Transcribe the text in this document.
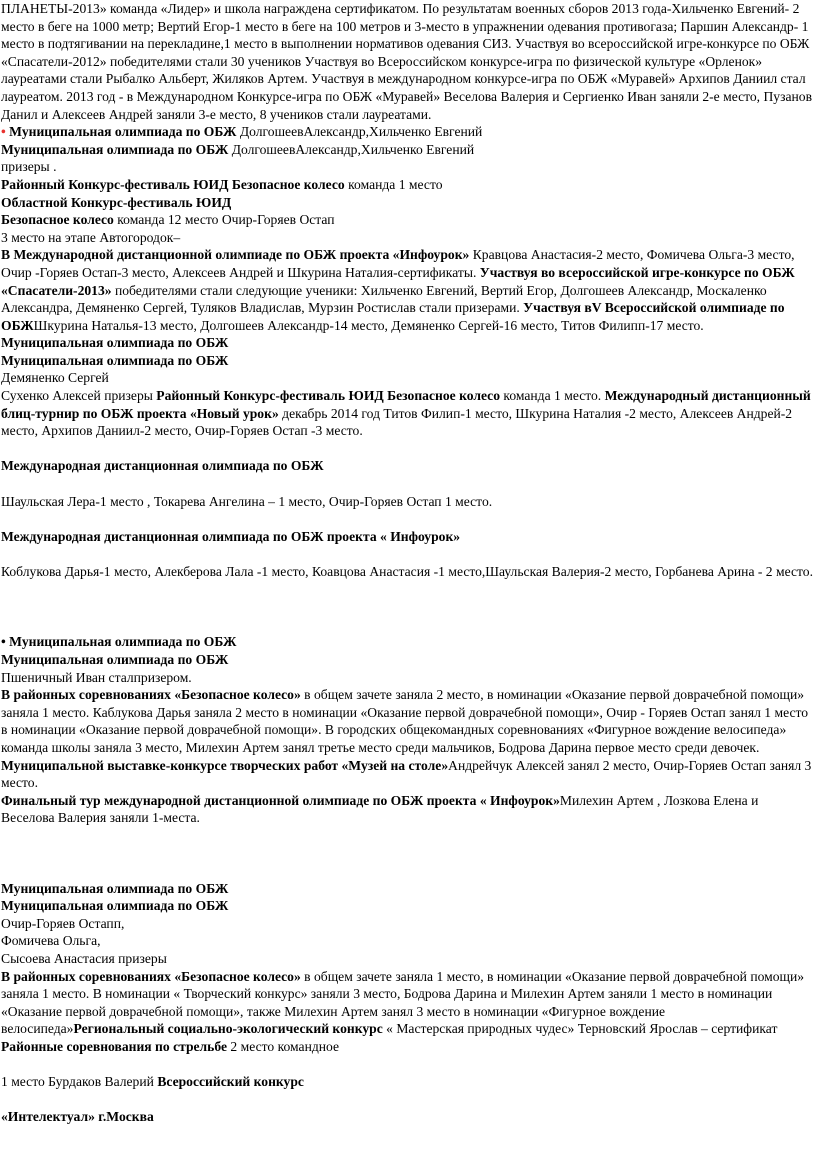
ПЛАНЕТЫ-2013» команда «Лидер» и школа награждена сертификатом. По результатам военных сборов 2013 года-Хильченко Евгений- 2 место в беге на 1000 метр; Вертий Егор-1 место в беге на 100 метров и 3-место в упражнении одевания противогаза; Паршин Александр- 1 место в подтягивании на перекладине,1 место в выполнении нормативов одевания СИЗ. Участвуя во всероссийской игре-конкурсе по ОБЖ «Спасатели-2012» победителями стали 30 учеников Участвуя во Всероссийском конкурсе-игра по физической культуре «Орленок» лауреатами стали Рыбалко Альберт, Жиляков Артем. Участвуя в международном конкурсе-игра по ОБЖ «Муравей» Архипов Даниил стал лауреатом. 2013 год - в Международном Конкурсе-игра по ОБЖ «Муравей» Веселова Валерия и Сергиенко Иван заняли 2-е место, Пузанов Данил и Алексеев Андрей заняли 3-е место, 8 учеников стали лауреатами.

• Муниципальная олимпиада по ОБЖ ДолгошеевАлександр,Хильченко Евгений

Муниципальная олимпиада по ОБЖ ДолгошеевАлександр,Хильченко Евгений

призеры .

Районный Конкурс-фестиваль ЮИД Безопасное колесо команда 1 место

Областной Конкурс-фестиваль ЮИД

Безопасное колесо команда 12 место Очир-Горяев Остап

3 место на этапе Автогородок–

В Международной дистанционной олимпиаде по ОБЖ проекта «Инфоурок» Кравцова Анастасия-2 место, Фомичева Ольга-3 место, Очир -Горяев Остап-3 место, Алексеев Андрей и Шкурина Наталия-сертификаты. Участвуя во всероссийской игре-конкурсе по ОБЖ «Спасатели-2013» победителями стали следующие ученики: Хильченко Евгений, Вертий Егор, Долгошеев Александр, Москаленко Александра, Демяненко Сергей, Туляков Владислав, Мурзин Ростислав стали призерами. Участвуя вV Всероссийской олимпиаде по ОБЖШкурина Наталья-13 место, Долгошеев Александр-14 место, Демяненко Сергей-16 место, Титов Филипп-17 место.

Муниципальная олимпиада по ОБЖ

Муниципальная олимпиада по ОБЖ

Демяненко Сергей

Сухенко Алексей призеры Районный Конкурс-фестиваль ЮИД Безопасное колесо команда 1 место. Международный дистанционный блиц-турнир по ОБЖ проекта «Новый урок» декабрь 2014 год Титов Филип-1 место, Шкурина Наталия -2 место, Алексеев Андрей-2 место, Архипов Даниил-2 место, Очир-Горяев Остап -3 место.

Международная дистанционная олимпиада по ОБЖ

Шаульская Лера-1 место , Токарева Ангелина – 1 место, Очир-Горяев Остап 1 место.

Международная дистанционная олимпиада по ОБЖ проекта « Инфоурок»

Коблукова Дарья-1 место, Алекберова Лала -1 место, Коавцова Анастасия -1 место,Шаульская Валерия-2 место, Горбанева Арина - 2 место.

• Муниципальная олимпиада по ОБЖ

Муниципальная олимпиада по ОБЖ

Пшеничный Иван сталпризером.

В районных соревнованиях «Безопасное колесо» в общем зачете заняла 2 место, в номинации «Оказание первой доврачебной помощи» заняла 1 место. Каблукова Дарья заняла 2 место в номинации «Оказание первой доврачебной помощи», Очир - Горяев Остап занял 1 место в номинации «Оказание первой доврачебной помощи». В городских общекомандных соревнованиях «Фигурное вождение велосипеда» команда школы заняла 3 место, Милехин Артем занял третье место среди мальчиков, Бодрова Дарина первое место среди девочек.

Муниципальной выставке-конкурсе творческих работ «Музей на столе»Андрейчук Алексей занял 2 место, Очир-Горяев Остап занял 3 место.

Финальный тур международной дистанционной олимпиаде по ОБЖ проекта « Инфоурок»Милехин Артем , Лозкова Елена и Веселова Валерия заняли 1-места.

Муниципальная олимпиада по ОБЖ

Муниципальная олимпиада по ОБЖ

Очир-Горяев Остапп,

Фомичева Ольга,

Сысоева Анастасия призеры

В районных соревнованиях «Безопасное колесо» в общем зачете заняла 1 место, в номинации «Оказание первой доврачебной помощи» заняла 1 место. В номинации « Творческий конкурс» заняли 3 место, Бодрова Дарина и Милехин Артем заняли 1 место в номинации «Оказание первой доврачебной помощи», также Милехин Артем занял 3 место в номинации «Фигурное вождение велосипеда»Региональный социально-экологический конкурс « Мастерская природных чудес» Терновский Ярослав – сертификат Районные соревнования по стрельбе 2 место командное

1 место Бурдаков Валерий Всероссийский конкурс

«Интелектуал» г.Москва
